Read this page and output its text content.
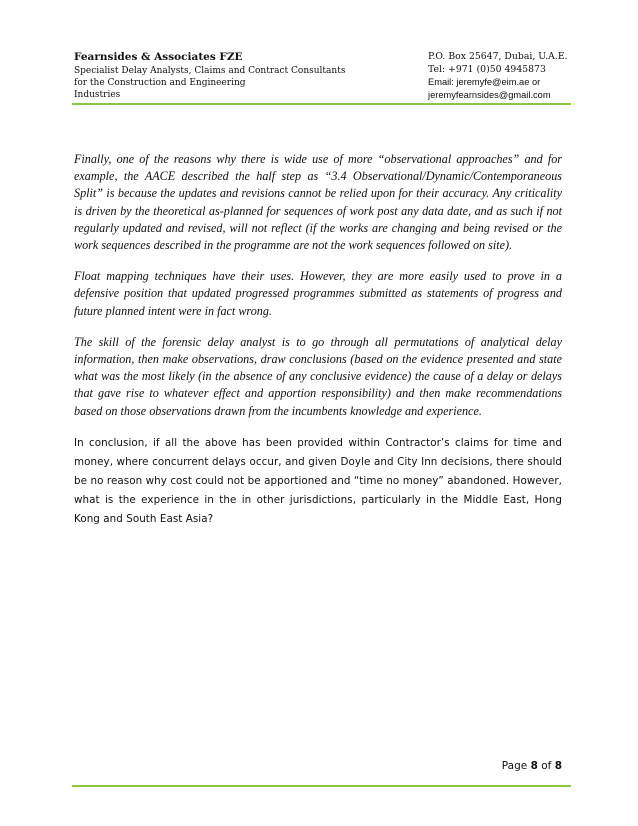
Fearnsides & Associates FZE
Specialist Delay Analysts, Claims and Contract Consultants
for the Construction and Engineering
Industries
P.O. Box 25647, Dubai, U.A.E.
Tel: +971 (0)50 4945873
Email: jeremyfe@eim.ae or
jeremyfearnsides@gmail.com

Finally, one of the reasons why there is wide use of more “observational approaches” and for example, the AACE described the half step as “3.4 Observational/Dynamic/Contemporaneous Split” is because the updates and revisions cannot be relied upon for their accuracy. Any criticality is driven by the theoretical as-planned for sequences of work post any data date, and as such if not regularly updated and revised, will not reflect (if the works are changing and being revised or the work sequences described in the programme are not the work sequences followed on site).

Float mapping techniques have their uses. However, they are more easily used to prove in a defensive position that updated progressed programmes submitted as statements of progress and future planned intent were in fact wrong.

The skill of the forensic delay analyst is to go through all permutations of analytical delay information, then make observations, draw conclusions (based on the evidence presented and state what was the most likely (in the absence of any conclusive evidence) the cause of a delay or delays that gave rise to whatever effect and apportion responsibility) and then make recommendations based on those observations drawn from the incumbents knowledge and experience.

In conclusion, if all the above has been provided within Contractor’s claims for time and money, where concurrent delays occur, and given Doyle and City Inn decisions, there should be no reason why cost could not be apportioned and “time no money” abandoned. However, what is the experience in the in other jurisdictions, particularly in the Middle East, Hong Kong and South East Asia?

Page 8 of 8
